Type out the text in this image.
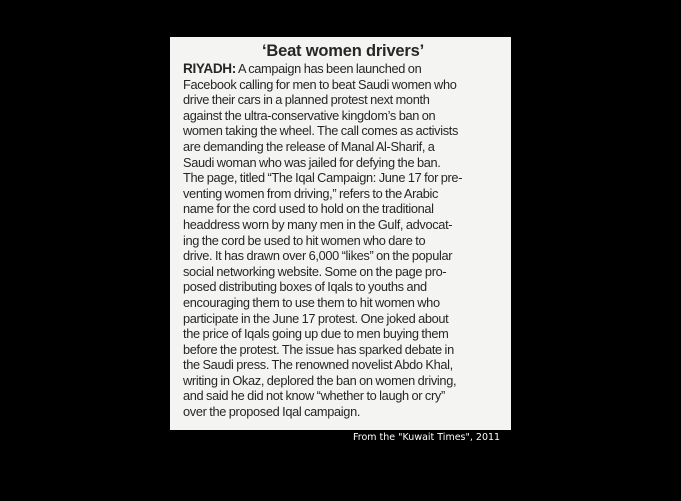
‘Beat women drivers’
RIYADH: A campaign has been launched on
Facebook calling for men to beat Saudi women who
drive their cars in a planned protest next month
against the ultra-conservative kingdom’s ban on
women taking the wheel. The call comes as activists
are demanding the release of Manal Al-Sharif, a
Saudi woman who was jailed for defying the ban.
The page, titled “The Iqal Campaign: June 17 for pre-
venting women from driving,” refers to the Arabic
name for the cord used to hold on the traditional
headdress worn by many men in the Gulf, advocat-
ing the cord be used to hit women who dare to
drive. It has drawn over 6,000 “likes” on the popular
social networking website. Some on the page pro-
posed distributing boxes of Iqals to youths and
encouraging them to use them to hit women who
participate in the June 17 protest. One joked about
the price of Iqals going up due to men buying them
before the protest. The issue has sparked debate in
the Saudi press. The renowned novelist Abdo Khal,
writing in Okaz, deplored the ban on women driving,
and said he did not know “whether to laugh or cry”
over the proposed Iqal campaign.
From the "Kuwait Times", 2011
